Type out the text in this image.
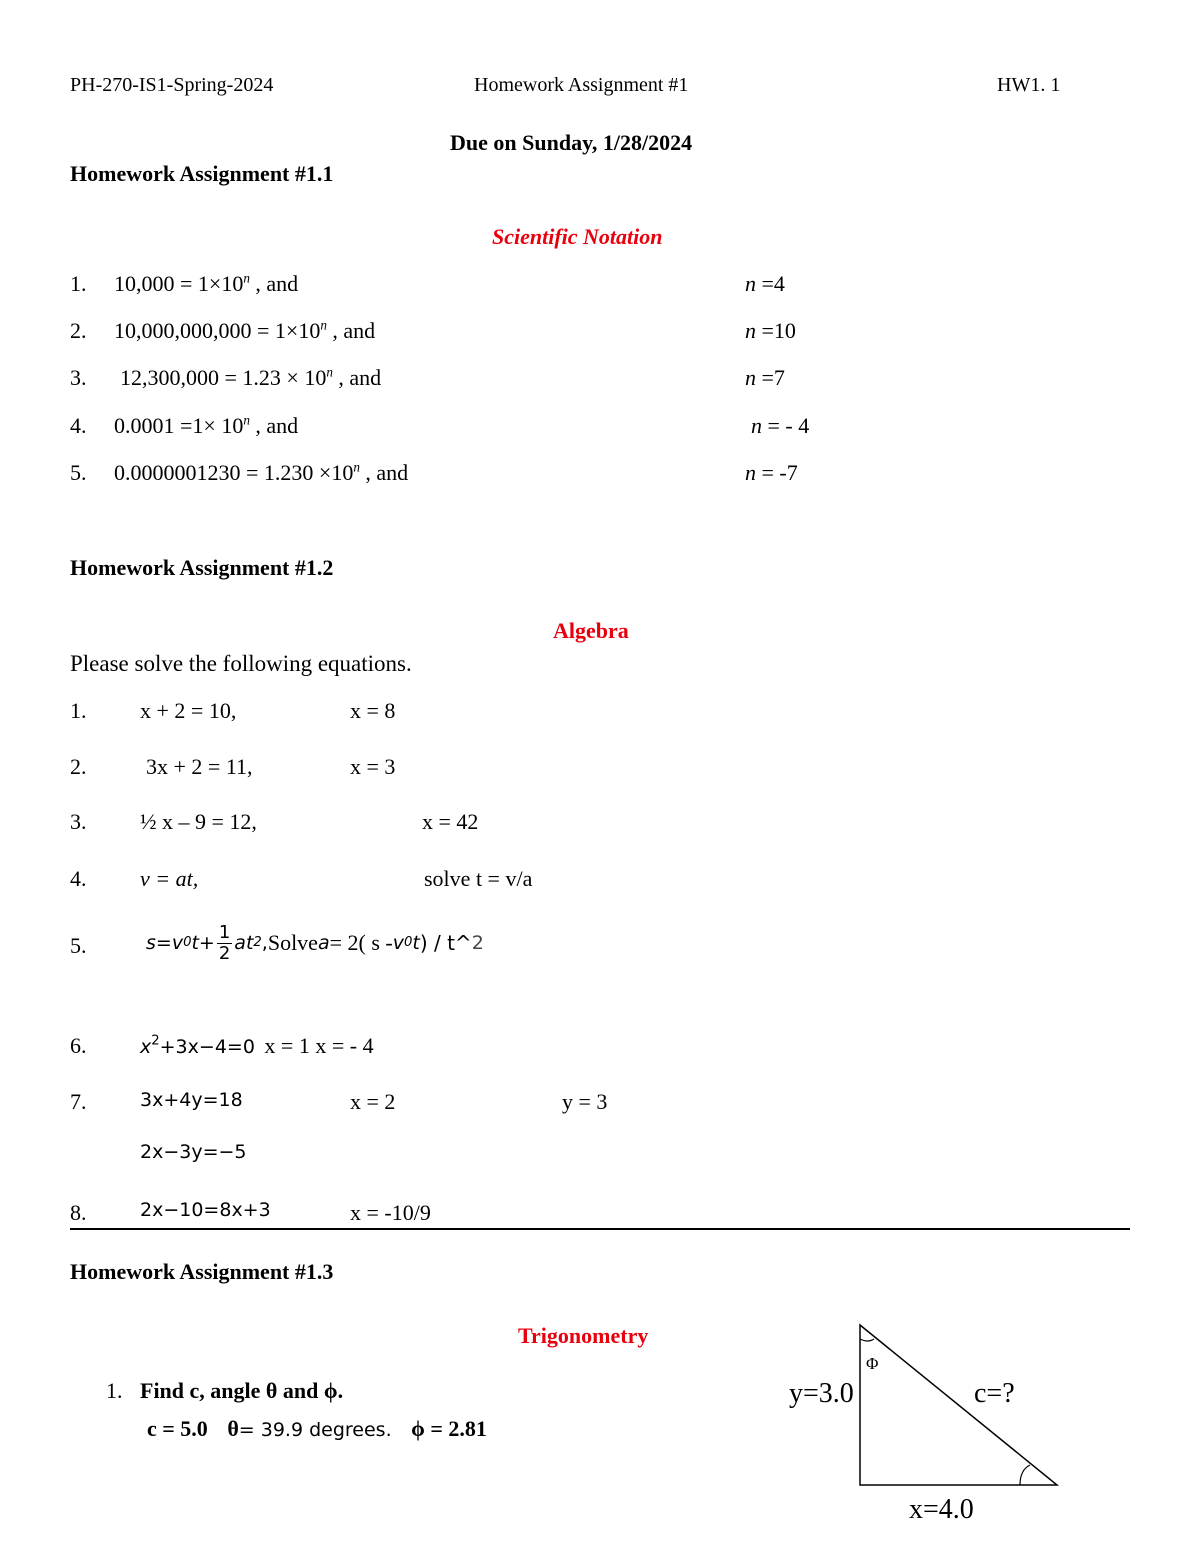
PH-270-IS1-Spring-2024	Homework Assignment #1	HW1. 1
Due on Sunday, 1/28/2024
Homework Assignment #1.1
Scientific Notation
1. $10,000 = 1\times 10^n$ , and	n =4
2. $10,000,000,000 = 1\times 10^n$ , and	n =10
3. $12,300,000 = 1.23 \times 10^n$ , and	n =7
4. $0.0001 =1\times 10^n$ , and	n = - 4
5. $0.0000001230 = 1.230 \times 10^n$ , and	n = -7
Homework Assignment #1.2
Algebra
Please solve the following equations.
1. x + 2 = 10,	x = 8
2.	3x + 2 = 11,	x = 3
3. ½ x – 9 = 12,	x = 42
4. v = at,	solve t = v/a
5.	s=v 0 $t+ \frac{1}{2}$ at 2 , Solve a = 2( s - v 0 t ) / t^ 2
6.	$x^2+3x-4=0$ x = 1 x = - 4
7.	3x+4y=18	x = 2	y = 3
2x−3y=−5
8.	2x−10=8x+3	x = -10/9
Homework Assignment #1.3
Trigonometry
1. Find c, angle θ and ϕ.
c = 5.0 θ= 39.9 degrees. ϕ = 2.81
Φ
y=3.0	c=?
x=4.0
